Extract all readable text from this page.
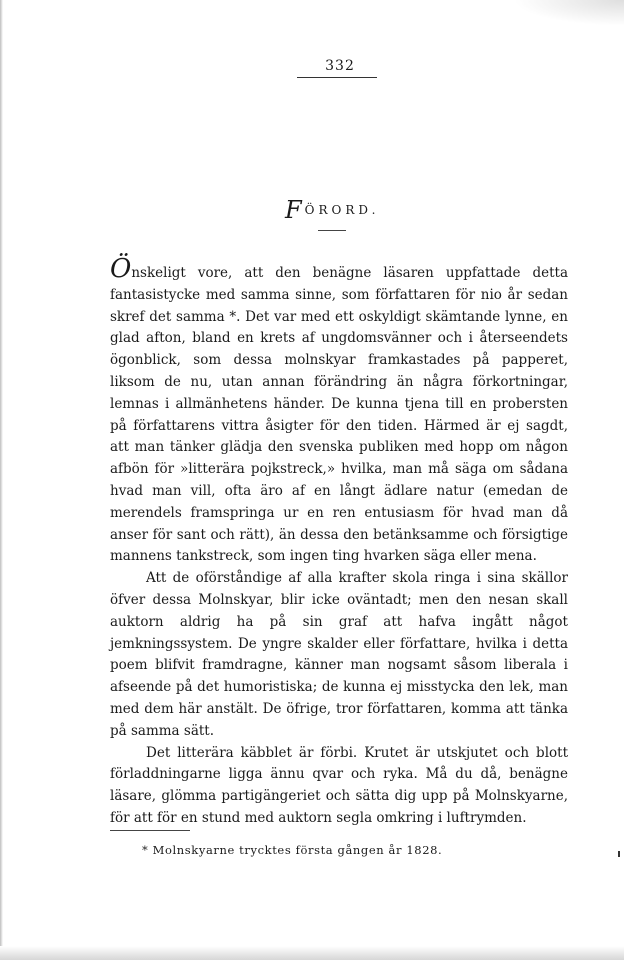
332
FÖRORD.

Önskeligt vore, att den benägne läsaren uppfattade detta fantasistycke med samma sinne, som författaren för nio år sedan skref det samma *. Det var med ett oskyldigt skämtande lynne, en glad afton, bland en krets af ungdomsvänner och i återseendets ögonblick, som dessa molnskyar framkastades på papperet, liksom de nu, utan annan förändring än några förkortningar, lemnas i allmänhetens händer. De kunna tjena till en probersten på författarens vittra åsigter för den tiden. Härmed är ej sagdt, att man tänker glädja den svenska publiken med hopp om någon afbön för »litterära pojkstreck,» hvilka, man må säga om sådana hvad man vill, ofta äro af en långt ädlare natur (emedan de merendels framspringa ur en ren entusiasm för hvad man då anser för sant och rätt), än dessa den betänksamme och försigtige mannens tankstreck, som ingen ting hvarken säga eller mena.

Att de oförståndige af alla krafter skola ringa i sina skällor öfver dessa Molnskyar, blir icke oväntadt; men den nesan skall auktorn aldrig ha på sin graf att hafva ingått något jemkningssystem. De yngre skalder eller författare, hvilka i detta poem blifvit framdragne, känner man nogsamt såsom liberala i afseende på det humoristiska; de kunna ej misstycka den lek, man med dem här anstält. De öfrige, tror författaren, komma att tänka på samma sätt.

Det litterära käbblet är förbi. Krutet är utskjutet och blott förladdningarne ligga ännu qvar och ryka. Må du då, benägne läsare, glömma partigängeriet och sätta dig upp på Molnskyarne, för att för en stund med auktorn segla omkring i luftrymden.

* Molnskyarne trycktes första gången år 1828.
